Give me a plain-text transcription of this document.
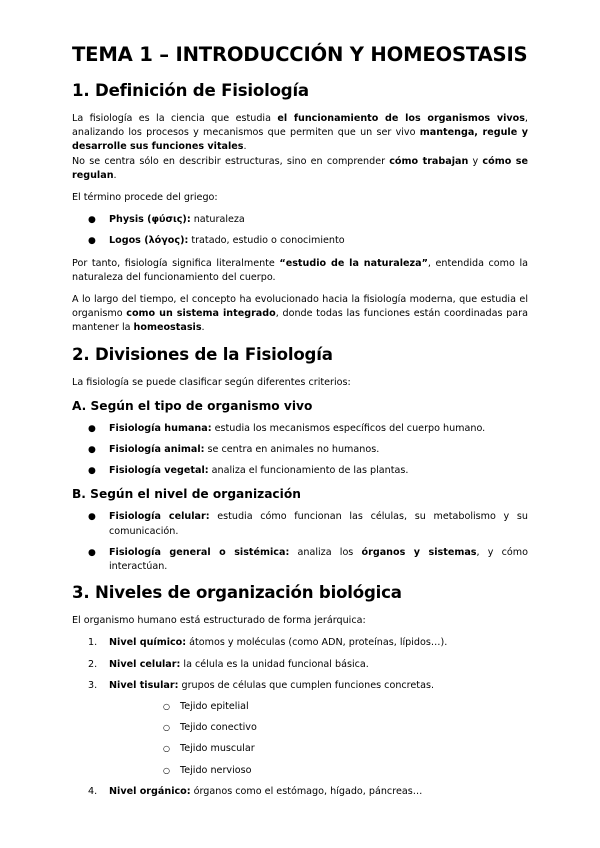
TEMA 1 – INTRODUCCIÓN Y HOMEOSTASIS
1. Definición de Fisiología

La fisiología es la ciencia que estudia el funcionamiento de los organismos vivos, analizando los procesos y mecanismos que permiten que un ser vivo mantenga, regule y desarrolle sus funciones vitales.
No se centra sólo en describir estructuras, sino en comprender cómo trabajan y cómo se regulan.

El término procede del griego:

● Physis (φύσις): naturaleza
● Logos (λόγος): tratado, estudio o conocimiento

Por tanto, fisiología significa literalmente “estudio de la naturaleza”, entendida como la naturaleza del funcionamiento del cuerpo.

A lo largo del tiempo, el concepto ha evolucionado hacia la fisiología moderna, que estudia el organismo como un sistema integrado, donde todas las funciones están coordinadas para mantener la homeostasis.

2. Divisiones de la Fisiología

La fisiología se puede clasificar según diferentes criterios:

A. Según el tipo de organismo vivo
● Fisiología humana: estudia los mecanismos específicos del cuerpo humano.
● Fisiología animal: se centra en animales no humanos.
● Fisiología vegetal: analiza el funcionamiento de las plantas.
B. Según el nivel de organización
● Fisiología celular: estudia cómo funcionan las células, su metabolismo y su comunicación.
● Fisiología general o sistémica: analiza los órganos y sistemas, y cómo interactúan.
3. Niveles de organización biológica

El organismo humano está estructurado de forma jerárquica:

1. Nivel químico: átomos y moléculas (como ADN, proteínas, lípidos…).
2. Nivel celular: la célula es la unidad funcional básica.
3. Nivel tisular: grupos de células que cumplen funciones concretas.
○ Tejido epitelial
○ Tejido conectivo
○ Tejido muscular
○ Tejido nervioso
4. Nivel orgánico: órganos como el estómago, hígado, páncreas…
